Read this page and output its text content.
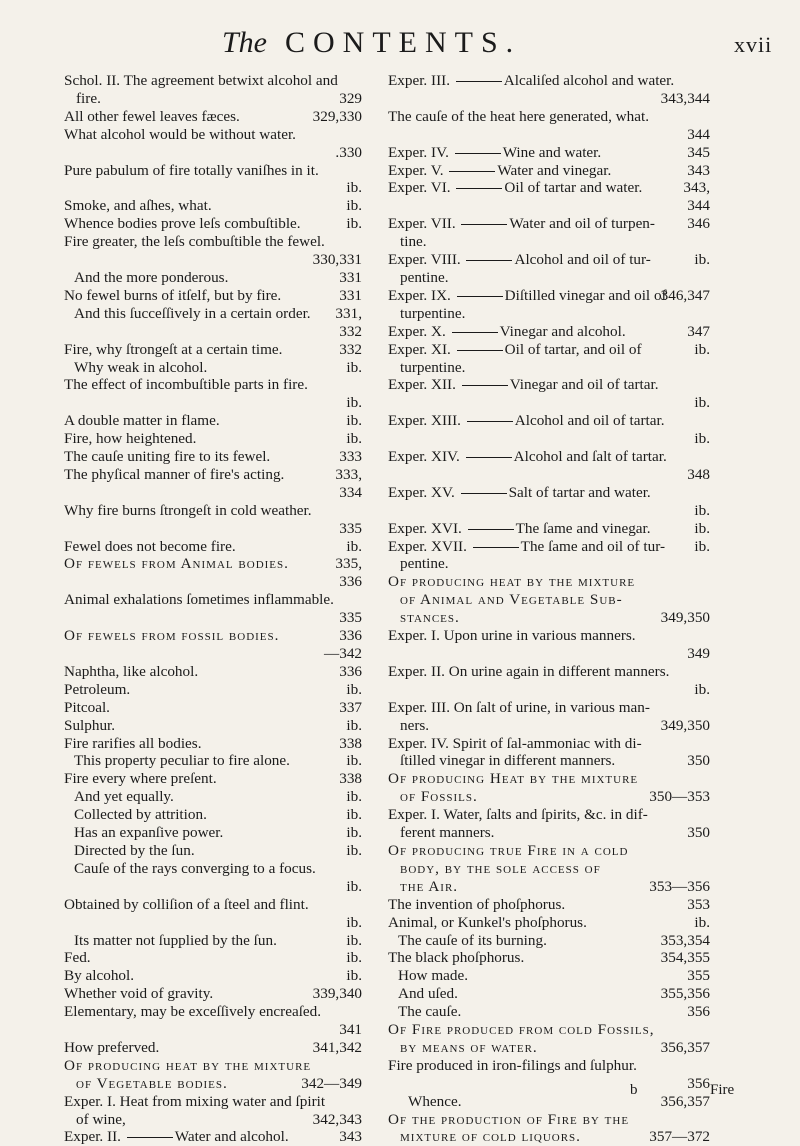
The CONTENTS.	xvii
Schol. II. The agreement betwixt alcohol and
fire.	329
All other fewel leaves fæces.	329,330
What alcohol would be without water.
.330
Pure pabulum of fire totally vaniſhes in it.
ib.
Smoke, and aſhes, what.	ib.
Whence bodies prove leſs combuſtible.	ib.
Fire greater, the leſs combuſtible the fewel.
330,331
And the more ponderous.	331
No fewel burns of itſelf, but by fire.	331
And this ſucceſſively in a certain order. 331,
332
Fire, why ſtrongeſt at a certain time.	332
Why weak in alcohol.	ib.
The effect of incombuſtible parts in fire.
ib.
A double matter in flame.	ib.
Fire, how heightened.	ib.
The cauſe uniting fire to its fewel.	333
The phyſical manner of fire's acting.	333,
334
Why fire burns ſtrongeſt in cold weather.
335
Fewel does not become fire.	ib.
Of fewels from Animal bodies.	335,
336
Animal exhalations ſometimes inflammable.
335
Of fewels from fossil bodies.	336
—342
Naphtha, like alcohol.	336
Petroleum.	ib.
Pitcoal.	337
Sulphur.	ib.
Fire rarifies all bodies.	338
This property peculiar to fire alone.	ib.
Fire every where preſent.	338
And yet equally.	ib.
Collected by attrition.	ib.
Has an expanſive power.	ib.
Directed by the ſun.	ib.
Cauſe of the rays converging to a focus.
ib.
Obtained by colliſion of a ſteel and flint.
ib.
Its matter not ſupplied by the ſun.	ib.
Fed.	ib.
By alcohol.	ib.
Whether void of gravity.	339,340
Elementary, may be exceſſively encreaſed.
341
How preferved.	341,342
Of producing heat by the mixture
of Vegetable bodies.	342—349
Exper. I. Heat from mixing water and ſpirit
of wine,	342,343
Exper. II.	Water and alcohol.	343
Exper. III.	Alcaliſed alcohol and water.
343,344
The cauſe of the heat here generated, what.
344
Exper. IV.	Wine and water.	345
Exper. V.	Water and vinegar.	343
Exper. VI.	Oil of tartar and water.	343,
344
Exper. VII.	Water and oil of turpen- 346
tine.
Exper. VIII.	Alcohol and oil of tur-	ib.
pentine.
Exper. IX.	Diſtilled vinegar and oil of
346,347
turpentine.
Exper. X.	Vinegar and alcohol.	347
Exper. XI.	Oil of tartar, and oil of	ib.
turpentine.
Exper. XII.	Vinegar and oil of tartar.
ib.
Exper. XIII.	Alcohol and oil of tartar.
ib.
Exper. XIV.	Alcohol and ſalt of tartar.
348
Exper. XV.	Salt of tartar and water.
ib.
Exper. XVI.	The ſame and vinegar.	ib.
Exper. XVII.	The ſame and oil of tur- ib.
pentine.
Of producing heat by the mixture
of Animal and Vegetable Sub-
stances.	349,350
Exper. I. Upon urine in various manners.
349
Exper. II. On urine again in different manners.
ib.
Exper. III. On ſalt of urine, in various man-
ners.	349,350
Exper. IV. Spirit of ſal-ammoniac with di-
ſtilled vinegar in different manners.	350
Of producing Heat by the mixture
of Fossils.	350—353
Exper. I. Water, ſalts and ſpirits, &c. in dif-
ferent manners.	350
Of producing true Fire in a cold
body, by the sole access of
the Air.	353—356
The invention of phoſphorus.	353
Animal, or Kunkel's phoſphorus.	ib.
The cauſe of its burning.	353,354
The black phoſphorus.	354,355
How made.	355
And uſed.	355,356
The cauſe.	356
Of Fire produced from cold Fossils,
by means of water.	356,357
Fire produced in iron-filings and ſulphur.
356
Whence.	356,357
Of the production of Fire by the
mixture of cold liquors.	357—372
b	Fire
